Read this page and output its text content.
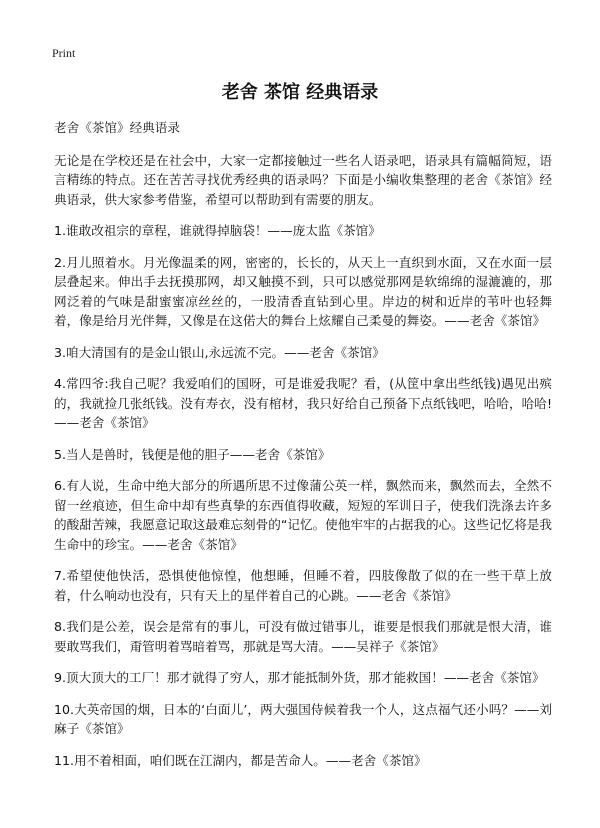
Print
老舍 茶馆 经典语录

老舍《茶馆》经典语录

无论是在学校还是在社会中，大家一定都接触过一些名人语录吧，语录具有篇幅简短，语言精练的特点。还在苦苦寻找优秀经典的语录吗？下面是小编收集整理的老舍《茶馆》经典语录，供大家参考借鉴，希望可以帮助到有需要的朋友。

1.谁敢改祖宗的章程，谁就得掉脑袋！——庞太监《茶馆》

2.月儿照着水。月光像温柔的网，密密的，长长的，从天上一直织到水面，又在水面一层层叠起来。伸出手去抚摸那网，却又触摸不到，只可以感觉那网是软绵绵的湿漉漉的，那网泛着的气味是甜蜜蜜凉丝丝的，一股清香直钻到心里。岸边的树和近岸的苇叶也轻舞着，像是给月光伴舞，又像是在这偌大的舞台上炫耀自己柔曼的舞姿。——老舍《茶馆》

3.咱大清国有的是金山银山,永远流不完。——老舍《茶馆》

4.常四爷:我自己呢？我爱咱们的国呀，可是谁爱我呢？看，(从筐中拿出些纸钱)遇见出殡的，我就捡几张纸钱。没有寿衣，没有棺材，我只好给自己预备下点纸钱吧，哈哈，哈哈!——老舍《茶馆》

5.当人是兽时，钱便是他的胆子——老舍《茶馆》

6.有人说，生命中绝大部分的所遇所思不过像蒲公英一样，飘然而来，飘然而去，全然不留一丝痕迹，但生命中却有些真挚的东西值得收藏，短短的军训日子，使我们洗涤去许多的酸甜苦辣，我愿意记取这最难忘刻骨的“记忆。使他牢牢的占据我的心。这些记忆将是我生命中的珍宝。——老舍《茶馆》

7.希望使他快活，恐惧使他惊惶，他想睡，但睡不着，四肢像散了似的在一些干草上放着，什么响动也没有，只有天上的星伴着自己的心跳。——老舍《茶馆》

8.我们是公差，误会是常有的事儿，可没有做过错事儿，谁要是恨我们那就是恨大清，谁要敢骂我们，甭管明着骂暗着骂，那就是骂大清。——吴祥子《茶馆》

9.顶大顶大的工厂！那才就得了穷人，那才能抵制外货，那才能救国！——老舍《茶馆》

10.大英帝国的烟，日本的‘白面儿’，两大强国侍候着我一个人，这点福气还小吗？——刘麻子《茶馆》

11.用不着相面，咱们既在江湖内，都是苦命人。——老舍《茶馆》
